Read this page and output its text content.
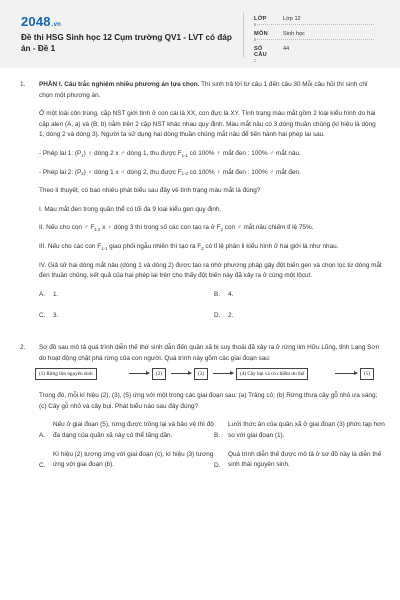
2048.vn
Đề thi HSG Sinh học 12 Cụm trường QV1 - LVT có đáp án - Đề 1
LỚP :
Lớp 12
MÔN :
Sinh học
SỐ CÂU :
44
1. PHẦN I. Câu trắc nghiệm nhiều phương án lựa chọn. Thí sinh trả lời từ câu 1 đến câu 30 Mỗi câu hỏi thí sinh chỉ chọn một phương án.

Ở một loài côn trùng, cặp NST giới tính ở con cái là XX, con đực là XY. Tính trạng màu mắt gồm 2 loại kiểu hình do hai cặp alen (A, a) và (B, b) nằm trên 2 cặp NST khác nhau quy định. Màu mắt nâu có 3 dòng thuần chủng (kí hiệu là dòng 1, dòng 2 và dòng 3). Người ta sử dụng hai dòng thuần chủng mắt nâu để tiến hành hai phép lai sau.

- Phép lai 1: $(P_1)$ ♀ dòng 2 x ♂ dòng 1, thu được $F_{1-1}$ có 100% ♀ mắt đen : 100% ♂ mắt nâu.

- Phép lai 2: $(P_2)$ ♀ dòng 1 x ♂ dòng 2, thu được $F_{1-2}$ có 100% ♀ mắt đen : 100% ♂ mắt đen.

Theo lí thuyết, có bao nhiêu phát biểu sau đây về tính trạng màu mắt là đúng?

I. Màu mắt đen trong quần thể có tối đa 9 loại kiểu gen quy định.

II. Nếu cho con ♂ $F_{1-2}$ x ♀ dòng 3 thì trong số các con tạo ra ở $F_2$ con ♂ mắt nâu chiếm tỉ lệ 75%.

III. Nếu cho các con $F_{1-1}$ giao phối ngẫu nhiên thì tạo ra $F_2$ có tỉ lệ phân li kiểu hình ở hai giới là như nhau.

IV. Giả sử hai dòng mắt nâu (dòng 1 và dòng 2) được tạo ra nhờ phương pháp gây đột biến gen và chọn lọc từ dòng mắt đen thuần chủng, kết quả của hai phép lai trên cho thấy đột biến này đã xảy ra ở cùng một lôcut.

A.	1.	B.	4.
C.	3.	D.	2.
2. Sơ đồ sau mô tả quá trình diễn thế thứ sinh dẫn đến quần xã bị suy thoái đã xảy ra ở rừng lim Hữu Lũng, tỉnh Lạng Sơn do hoạt động chặt phá rừng của con người. Quá trình này gồm các giai đoạn sau:

(1) Rừng lim nguyên sinh	(2)	(3)	(4) Cây bụi và cỏ chiếm ưu thế	(5)

Trong đó, mỗi kí hiệu (2), (3), (5) ứng với một trong các giai đoạn sau: (a) Trảng cỏ; (b) Rừng thưa cây gỗ nhỏ ưa sáng; (c) Cây gỗ nhỏ và cây bụi. Phát biểu nào sau đây đúng?

A.
Nếu ở giai đoạn (5), rừng được trồng lại và bảo vệ thì độ đa dạng của quần xã này có thể tăng dần.	B.
Lưới thức ăn của quần xã ở giai đoạn (3) phức tạp hơn so với giai đoạn (1).
C.
Kí hiệu (2) tương ứng với giai đoạn (c), kí hiệu (3) tương ứng với giai đoạn (b).	D.
Quá trình diễn thế được mô tả ở sơ đồ này là diễn thế sinh thái nguyên sinh.
